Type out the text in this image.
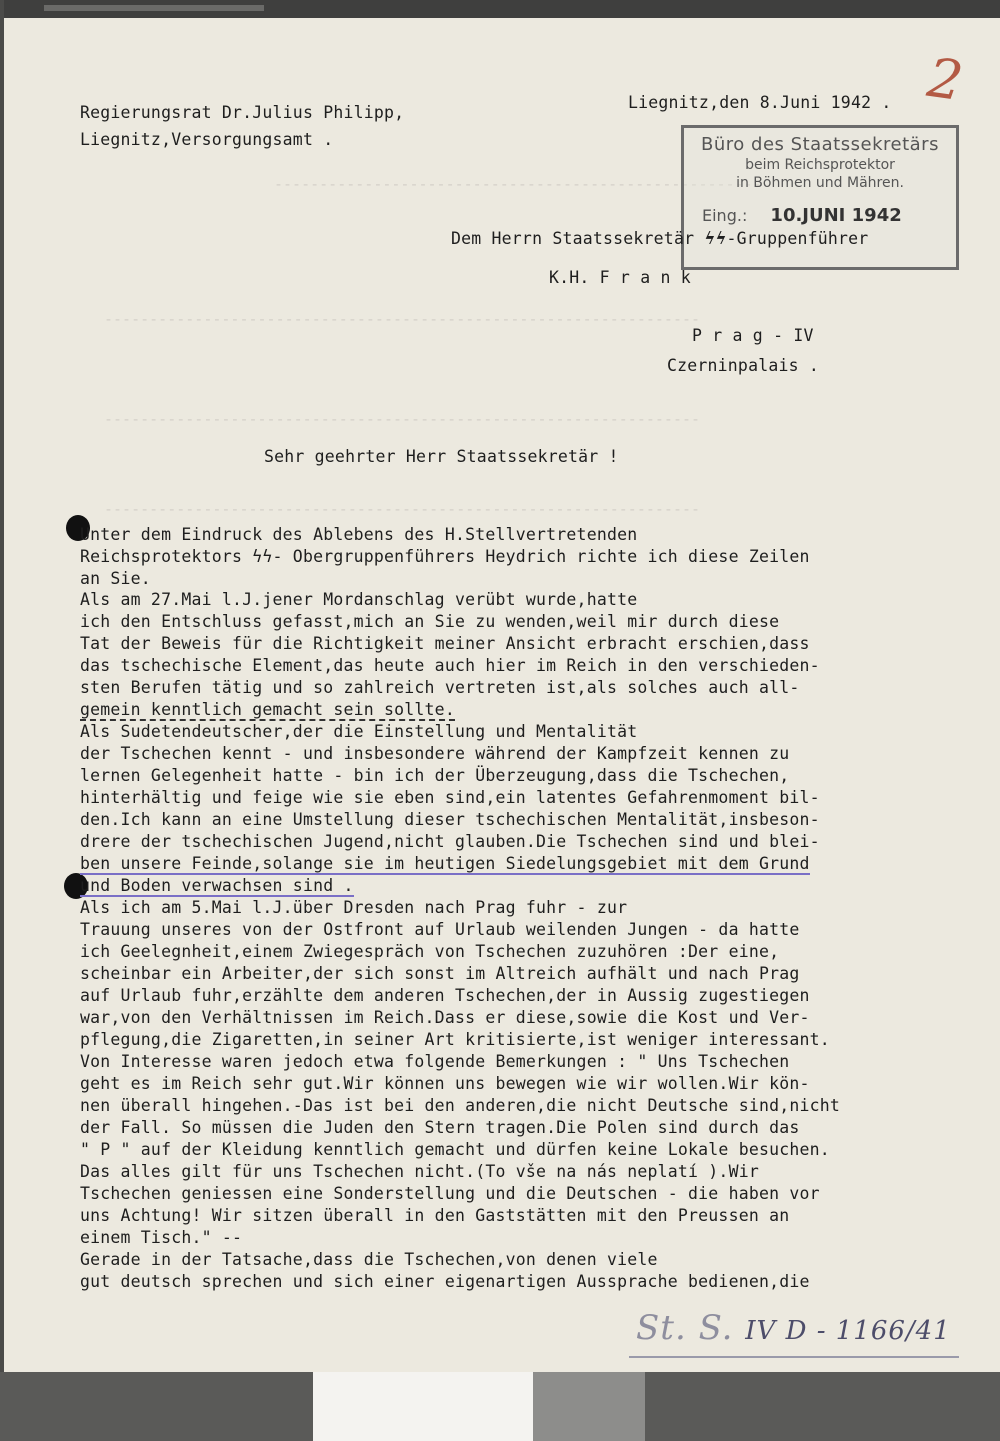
------------------------------------------------------
------------------------------------------------------------------
------------------------------------------------------------------
------------------------------------------------------------------
2
Regierungsrat Dr.Julius Philipp,
Liegnitz,Versorgungsamt .
Liegnitz,den 8.Juni 1942 .
Büro des Staatssekretärs
beim Reichsprotektor
in Böhmen und Mähren.
Eing.: 10.JUNI 1942
Dem Herrn Staatssekretär ϟϟ-Gruppenführer
K.H. F r a n k
P r a g - IV
Czerninpalais .
Sehr geehrter Herr Staatssekretär !
Unter dem Eindruck des Ablebens des H.Stellvertretenden
Reichsprotektors ϟϟ- Obergruppenführers Heydrich richte ich diese Zeilen
an Sie.
Als am 27.Mai l.J.jener Mordanschlag verübt wurde,hatte
ich den Entschluss gefasst,mich an Sie zu wenden,weil mir durch diese
Tat der Beweis für die Richtigkeit meiner Ansicht erbracht erschien,dass
das tschechische Element,das heute auch hier im Reich in den verschieden-
sten Berufen tätig und so zahlreich vertreten ist,als solches auch all-
gemein kenntlich gemacht sein sollte.
Als Sudetendeutscher,der die Einstellung und Mentalität
der Tschechen kennt - und insbesondere während der Kampfzeit kennen zu
lernen Gelegenheit hatte - bin ich der Überzeugung,dass die Tschechen,
hinterhältig und feige wie sie eben sind,ein latentes Gefahrenmoment bil-
den.Ich kann an eine Umstellung dieser tschechischen Mentalität,insbeson-
drere der tschechischen Jugend,nicht glauben.Die Tschechen sind und blei-
ben unsere Feinde,solange sie im heutigen Siedelungsgebiet mit dem Grund
und Boden verwachsen sind .
Als ich am 5.Mai l.J.über Dresden nach Prag fuhr - zur
Trauung unseres von der Ostfront auf Urlaub weilenden Jungen - da hatte
ich Geelegnheit,einem Zwiegespräch von Tschechen zuzuhören :Der eine,
scheinbar ein Arbeiter,der sich sonst im Altreich aufhält und nach Prag
auf Urlaub fuhr,erzählte dem anderen Tschechen,der in Aussig zugestiegen
war,von den Verhältnissen im Reich.Dass er diese,sowie die Kost und Ver-
pflegung,die Zigaretten,in seiner Art kritisierte,ist weniger interessant.
Von Interesse waren jedoch etwa folgende Bemerkungen : " Uns Tschechen
geht es im Reich sehr gut.Wir können uns bewegen wie wir wollen.Wir kön-
nen überall hingehen.-Das ist bei den anderen,die nicht Deutsche sind,nicht
der Fall. So müssen die Juden den Stern tragen.Die Polen sind durch das
" P " auf der Kleidung kenntlich gemacht und dürfen keine Lokale besuchen.
Das alles gilt für uns Tschechen nicht.(To vše na nás neplatí ).Wir
Tschechen geniessen eine Sonderstellung und die Deutschen - die haben vor
uns Achtung! Wir sitzen überall in den Gaststätten mit den Preussen an
einem Tisch." --
Gerade in der Tatsache,dass die Tschechen,von denen viele
gut deutsch sprechen und sich einer eigenartigen Aussprache bedienen,die
St. S. IV D - 1166/41
